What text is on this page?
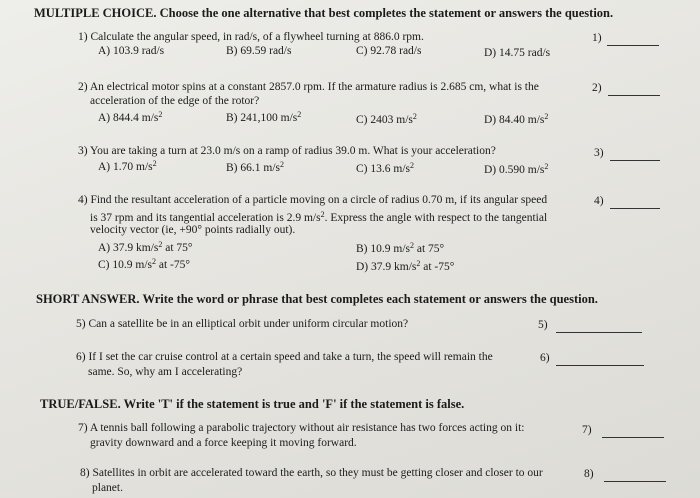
MULTIPLE CHOICE. Choose the one alternative that best completes the statement or answers the question.
1) Calculate the angular speed, in rad/s, of a flywheel turning at 886.0 rpm.
A) 103.9 rad/s	B) 69.59 rad/s	C) 92.78 rad/s	D) 14.75 rad/s
1)
2) An electrical motor spins at a constant 2857.0 rpm. If the armature radius is 2.685 cm, what is the
acceleration of the edge of the rotor?
A) 844.4 $m/s^2$	B) 241,100 $m/s^2$	C) 2403 $m/s^2$	D) 84.40 $m/s^2$
2)
3) You are taking a turn at 23.0 m/s on a ramp of radius 39.0 m. What is your acceleration?
A) 1.70 $m/s^2$	B) 66.1 $m/s^2$	C) 13.6 $m/s^2$	D) 0.590 $m/s^2$
3)
4) Find the resultant acceleration of a particle moving on a circle of radius 0.70 m, if its angular speed
is 37 rpm and its tangential acceleration is 2.9 $m/s^2$. Express the angle with respect to the tangential
velocity vector (ie, +90° points radially out).
A) 37.9 $km/s^2$ at 75°	B) 10.9 $m/s^2$ at 75°
C) 10.9 $m/s^2$ at -75°	D) 37.9 $km/s^2$ at -75°
4)
SHORT ANSWER. Write the word or phrase that best completes each statement or answers the question.
5) Can a satellite be in an elliptical orbit under uniform circular motion?	5)
6) If I set the car cruise control at a certain speed and take a turn, the speed will remain the
same. So, why am I accelerating?
6)
TRUE/FALSE. Write 'T' if the statement is true and 'F' if the statement is false.
7) A tennis ball following a parabolic trajectory without air resistance has two forces acting on it:
gravity downward and a force keeping it moving forward.
7)
8) Satellites in orbit are accelerated toward the earth, so they must be getting closer and closer to our
planet.
8)
